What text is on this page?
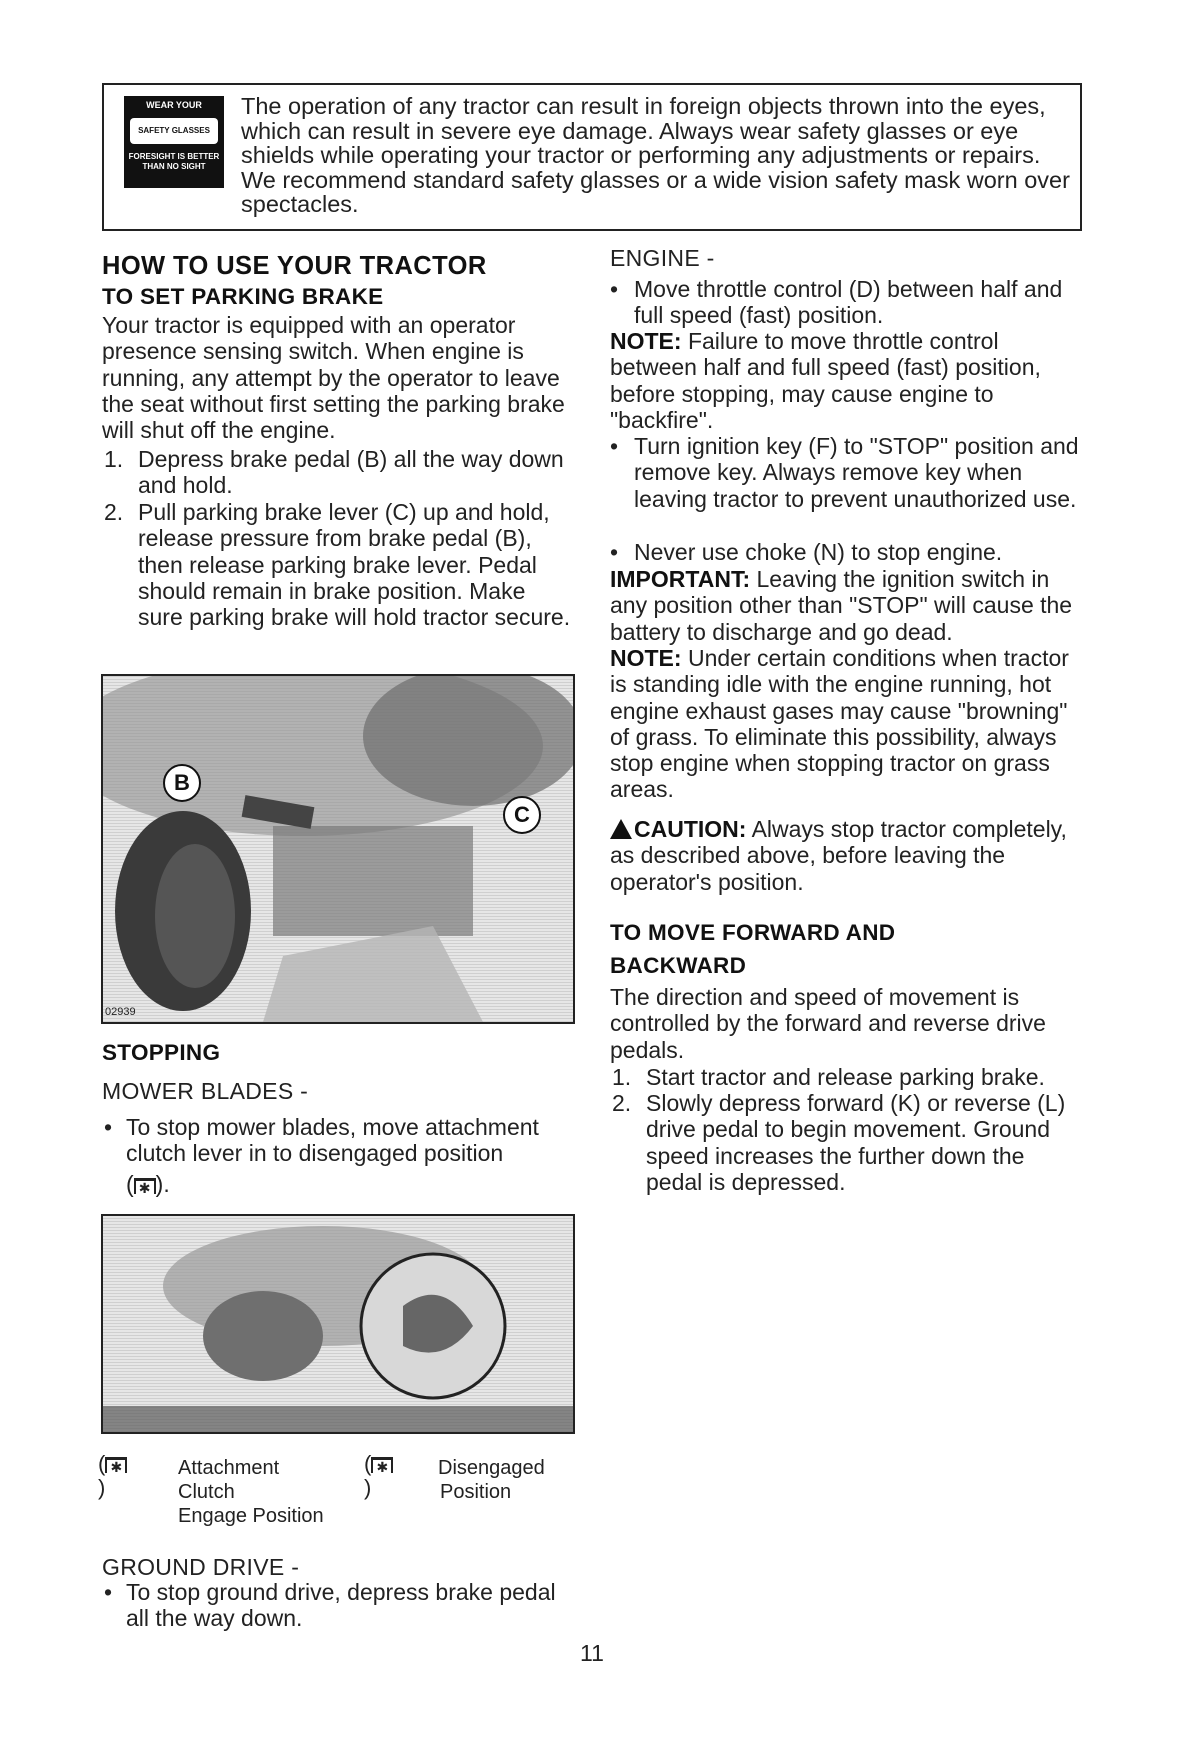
WEAR YOUR
SAFETY GLASSES
FORESIGHT IS BETTER THAN NO SIGHT
The operation of any tractor can result in foreign objects thrown into the eyes, which can result in severe eye damage. Always wear safety glasses or eye shields while operating your tractor or performing any adjustments or repairs. We recommend standard safety glasses or a wide vision safety mask worn over spectacles.
HOW TO USE YOUR TRACTOR
TO SET PARKING BRAKE

Your tractor is equipped with an operator presence sensing switch. When engine is running, any attempt by the operator to leave the seat without first setting the parking brake will shut off the engine.

1. Depress brake pedal (B) all the way down and hold.
2. Pull parking brake lever (C) up and hold, release pressure from brake pedal (B), then release parking brake lever. Pedal should remain in brake position. Make sure parking brake will hold tractor secure.
B
C
02939
STOPPING
MOWER BLADES -
• To stop mower blades, move attachment clutch lever in to disengaged position
( ✱ ).
( ✱)
Attachment
Clutch
Engage Position
( ✱)
Disengaged
Position
GROUND DRIVE -
• To stop ground drive, depress brake pedal all the way down.
ENGINE -
• Move throttle control (D) between half and full speed (fast) position.

NOTE: Failure to move throttle control between half and full speed (fast) position, before stopping, may cause engine to "backfire".

• Turn ignition key (F) to "STOP" position and remove key. Always remove key when leaving tractor to prevent unauthorized use.
• Never use choke (N) to stop engine.

IMPORTANT: Leaving the ignition switch in any position other than "STOP" will cause the battery to discharge and go dead.

NOTE: Under certain conditions when tractor is standing idle with the engine running, hot engine exhaust gases may cause "browning" of grass. To eliminate this possibility, always stop engine when stopping tractor on grass areas.

CAUTION: Always stop tractor completely, as described above, before leaving the operator's position.

TO MOVE FORWARD AND
BACKWARD

The direction and speed of movement is controlled by the forward and reverse drive pedals.

1. Start tractor and release parking brake.
2. Slowly depress forward (K) or reverse (L) drive pedal to begin movement. Ground speed increases the further down the pedal is depressed.
11
